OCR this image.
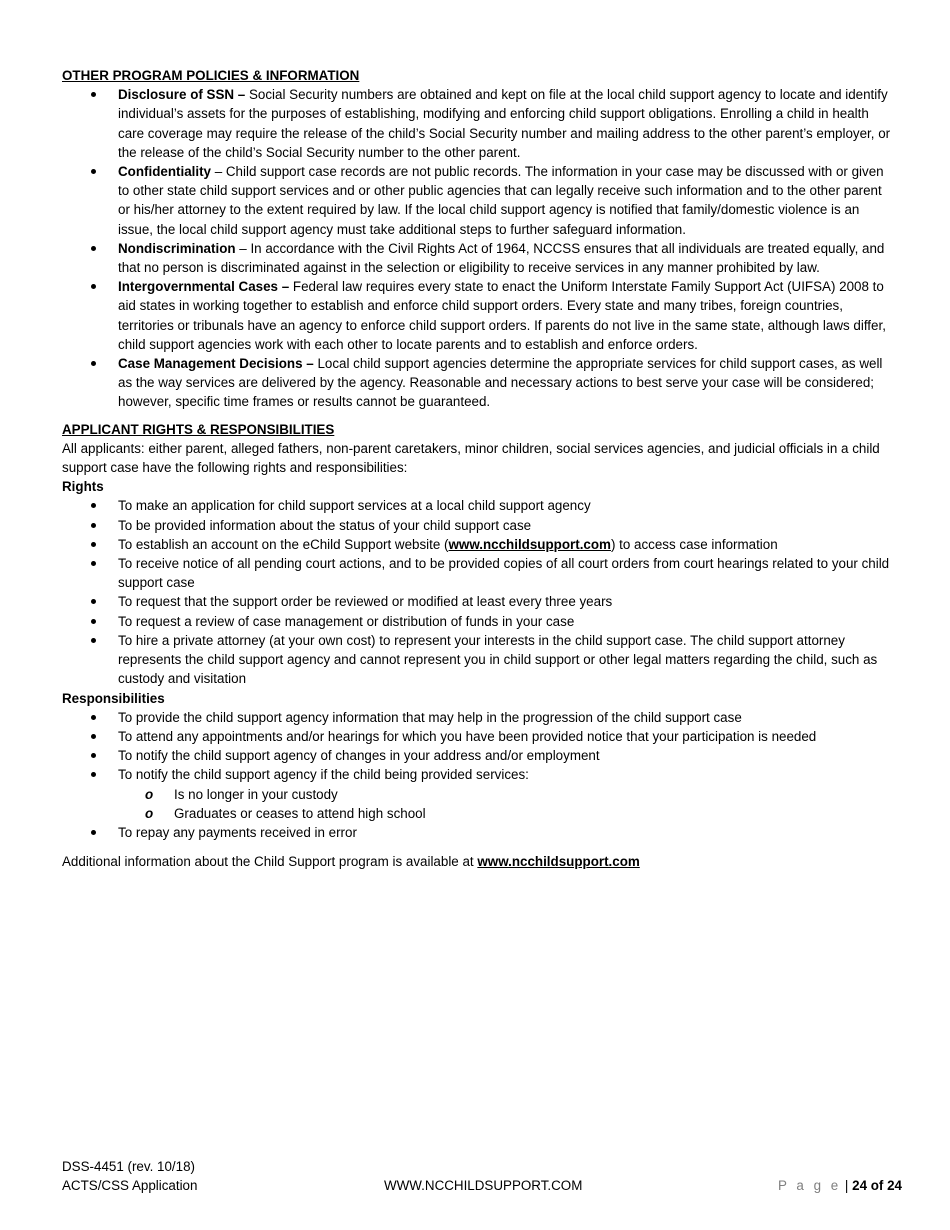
OTHER PROGRAM POLICIES & INFORMATION

Disclosure of SSN – Social Security numbers are obtained and kept on file at the local child support agency to locate and identify individual’s assets for the purposes of establishing, modifying and enforcing child support obligations. Enrolling a child in health care coverage may require the release of the child’s Social Security number and mailing address to the other parent’s employer, or the release of the child’s Social Security number to the other parent.
Confidentiality – Child support case records are not public records. The information in your case may be discussed with or given to other state child support services and or other public agencies that can legally receive such information and to the other parent or his/her attorney to the extent required by law. If the local child support agency is notified that family/domestic violence is an issue, the local child support agency must take additional steps to further safeguard information.
Nondiscrimination – In accordance with the Civil Rights Act of 1964, NCCSS ensures that all individuals are treated equally, and that no person is discriminated against in the selection or eligibility to receive services in any manner prohibited by law.
Intergovernmental Cases – Federal law requires every state to enact the Uniform Interstate Family Support Act (UIFSA) 2008 to aid states in working together to establish and enforce child support orders. Every state and many tribes, foreign countries, territories or tribunals have an agency to enforce child support orders. If parents do not live in the same state, although laws differ, child support agencies work with each other to locate parents and to establish and enforce orders.
Case Management Decisions – Local child support agencies determine the appropriate services for child support cases, as well as the way services are delivered by the agency. Reasonable and necessary actions to best serve your case will be considered; however, specific time frames or results cannot be guaranteed.

APPLICANT RIGHTS & RESPONSIBILITIES

All applicants: either parent, alleged fathers, non-parent caretakers, minor children, social services agencies, and judicial officials in a child support case have the following rights and responsibilities:

Rights

To make an application for child support services at a local child support agency
To be provided information about the status of your child support case
To establish an account on the eChild Support website (www.ncchildsupport.com) to access case information
To receive notice of all pending court actions, and to be provided copies of all court orders from court hearings related to your child support case
To request that the support order be reviewed or modified at least every three years
To request a review of case management or distribution of funds in your case
To hire a private attorney (at your own cost) to represent your interests in the child support case. The child support attorney represents the child support agency and cannot represent you in child support or other legal matters regarding the child, such as custody and visitation

Responsibilities

To provide the child support agency information that may help in the progression of the child support case
To attend any appointments and/or hearings for which you have been provided notice that your participation is needed
To notify the child support agency of changes in your address and/or employment
To notify the child support agency if the child being provided services:
o Is no longer in your custody
o Graduates or ceases to attend high school
To repay any payments received in error

Additional information about the Child Support program is available at www.ncchildsupport.com

DSS-4451 (rev. 10/18)
ACTS/CSS Application	WWW.NCCHILDSUPPORT.COM	P a g e | 24 of 24
